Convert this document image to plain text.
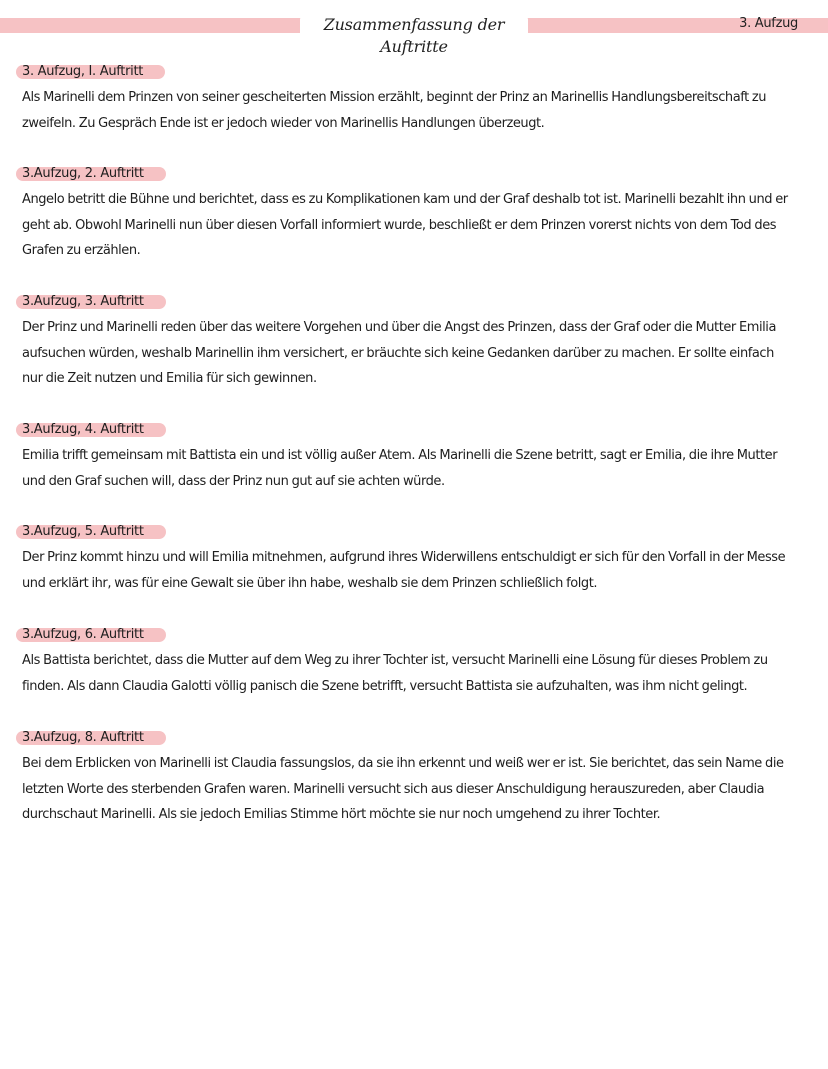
Zusammenfassung der Auftritte
3. Aufzug
3. Aufzug, I. Auftritt

Als Marinelli dem Prinzen von seiner gescheiterten Mission erzählt, beginnt der Prinz an Marinellis Handlungsbereitschaft zu zweifeln. Zu Gespräch Ende ist er jedoch wieder von Marinellis Handlungen überzeugt.

3.Aufzug, 2. Auftritt

Angelo betritt die Bühne und berichtet, dass es zu Komplikationen kam und der Graf deshalb tot ist. Marinelli bezahlt ihn und er geht ab. Obwohl Marinelli nun über diesen Vorfall informiert wurde, beschließt er dem Prinzen vorerst nichts von dem Tod des Grafen zu erzählen.

3.Aufzug, 3. Auftritt

Der Prinz und Marinelli reden über das weitere Vorgehen und über die Angst des Prinzen, dass der Graf oder die Mutter Emilia aufsuchen würden, weshalb Marinellin ihm versichert, er bräuchte sich keine Gedanken darüber zu machen. Er sollte einfach nur die Zeit nutzen und Emilia für sich gewinnen.

3.Aufzug, 4. Auftritt

Emilia trifft gemeinsam mit Battista ein und ist völlig außer Atem. Als Marinelli die Szene betritt, sagt er Emilia, die ihre Mutter und den Graf suchen will, dass der Prinz nun gut auf sie achten würde.

3.Aufzug, 5. Auftritt

Der Prinz kommt hinzu und will Emilia mitnehmen, aufgrund ihres Widerwillens entschuldigt er sich für den Vorfall in der Messe und erklärt ihr, was für eine Gewalt sie über ihn habe, weshalb sie dem Prinzen schließlich folgt.

3.Aufzug, 6. Auftritt

Als Battista berichtet, dass die Mutter auf dem Weg zu ihrer Tochter ist, versucht Marinelli eine Lösung für dieses Problem zu finden. Als dann Claudia Galotti völlig panisch die Szene betrifft, versucht Battista sie aufzuhalten, was ihm nicht gelingt.

3.Aufzug, 8. Auftritt

Bei dem Erblicken von Marinelli ist Claudia fassungslos, da sie ihn erkennt und weiß wer er ist. Sie berichtet, das sein Name die letzten Worte des sterbenden Grafen waren. Marinelli versucht sich aus dieser Anschuldigung herauszureden, aber Claudia durchschaut Marinelli. Als sie jedoch Emilias Stimme hört möchte sie nur noch umgehend zu ihrer Tochter.
